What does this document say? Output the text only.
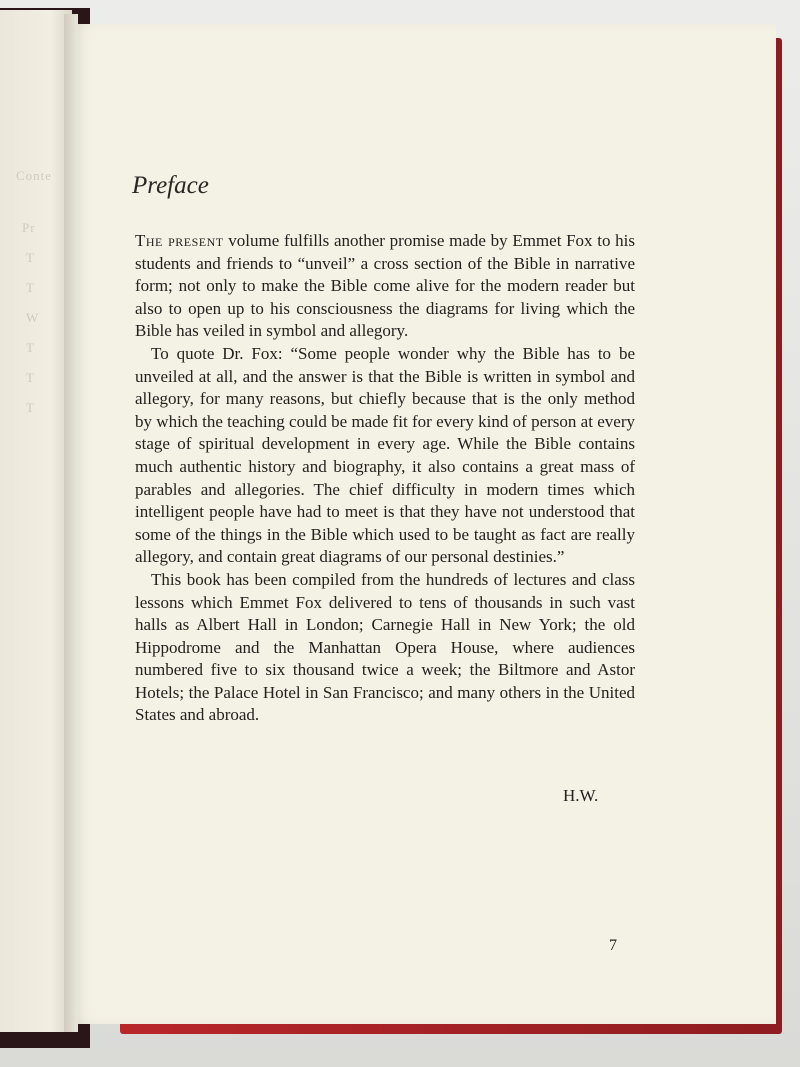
Conte
Pr
T
T
W
T
T
T
Preface

The present volume fulfills another promise made by Emmet Fox to his students and friends to “unveil” a cross section of the Bible in narrative form; not only to make the Bible come alive for the modern reader but also to open up to his consciousness the diagrams for living which the Bible has veiled in symbol and allegory.

To quote Dr. Fox: “Some people wonder why the Bible has to be unveiled at all, and the answer is that the Bible is written in symbol and allegory, for many reasons, but chiefly because that is the only method by which the teaching could be made fit for every kind of person at every stage of spiritual development in every age. While the Bible contains much authentic history and biography, it also contains a great mass of parables and allegories. The chief difficulty in modern times which intelligent people have had to meet is that they have not understood that some of the things in the Bible which used to be taught as fact are really allegory, and contain great diagrams of our personal destinies.”

This book has been compiled from the hundreds of lectures and class lessons which Emmet Fox delivered to tens of thousands in such vast halls as Albert Hall in London; Carnegie Hall in New York; the old Hippodrome and the Manhattan Opera House, where audiences numbered five to six thousand twice a week; the Biltmore and Astor Hotels; the Palace Hotel in San Francisco; and many others in the United States and abroad.

H.W.
7
